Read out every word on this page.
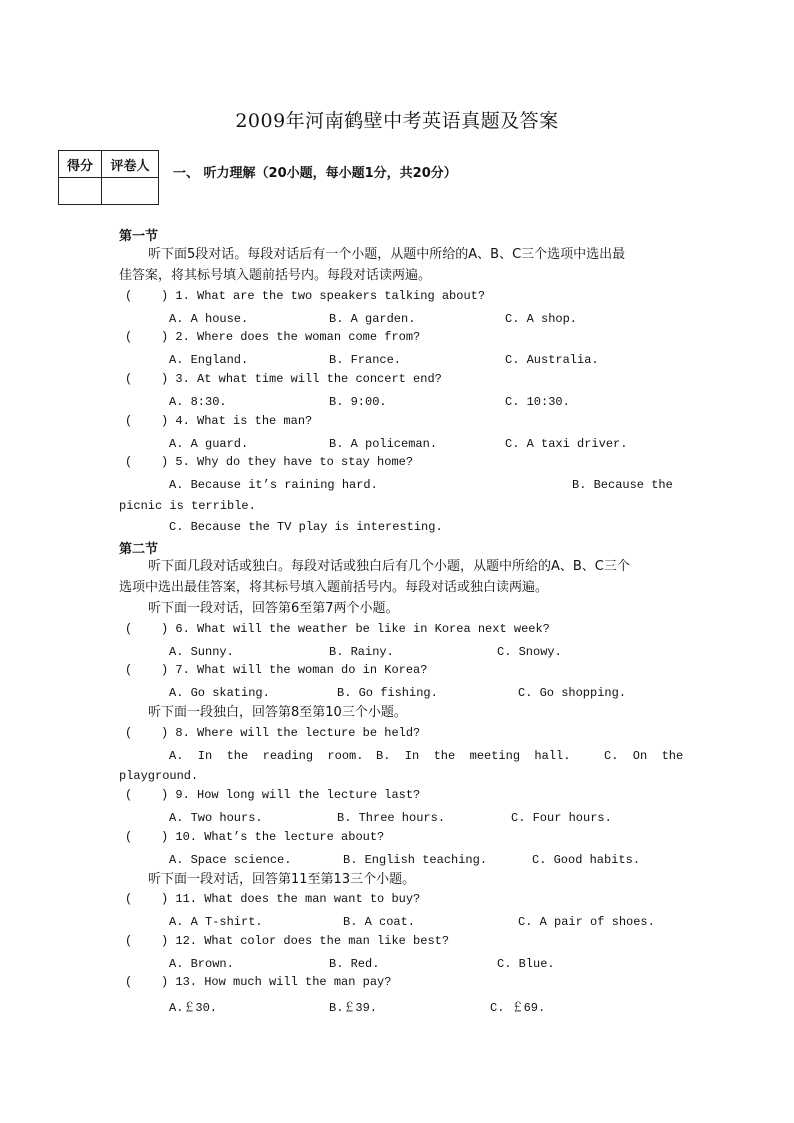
2009年河南鹤壁中考英语真题及答案
得分	评卷人
	一、 听力理解（20小题，每小题1分，共20分）
第一节
听下面5段对话。每段对话后有一个小题，从题中所给的A、B、C三个选项中选出最
佳答案，将其标号填入题前括号内。每段对话读两遍。
(    ) 1. What are the two speakers talking about?
A. A house.	B. A garden.	C. A shop.
(    ) 2. Where does the woman come from?
A. England.	B. France.	C. Australia.
(    ) 3. At what time will the concert end?
A. 8:30.	B. 9:00.	C. 10:30.
(    ) 4. What is the man?
A. A guard.	B. A policeman.	C. A taxi driver.
(    ) 5. Why do they have to stay home?
A. Because it’s raining hard.	B. Because the
picnic is terrible.
C. Because the TV play is interesting.
第二节
听下面几段对话或独白。每段对话或独白后有几个小题，从题中所给的A、B、C三个
选项中选出最佳答案，将其标号填入题前括号内。每段对话或独白读两遍。
听下面一段对话，回答第6至第7两个小题。
(    ) 6. What will the weather be like in Korea next week?
A. Sunny.	B. Rainy.	C. Snowy.
(    ) 7. What will the woman do in Korea?
A. Go skating.	B. Go fishing.	C. Go shopping.
听下面一段独白，回答第8至第10三个小题。
(    ) 8. Where will the lecture be held?
A.  In  the  reading  room. B.  In  the  meeting  hall.	C.  On  the
playground.
(    ) 9. How long will the lecture last?
A. Two hours.	B. Three hours.	C. Four hours.
(    ) 10. What’s the lecture about?
A. Space science.	B. English teaching.	C. Good habits.
听下面一段对话，回答第11至第13三个小题。
(    ) 11. What does the man want to buy?
A. A T-shirt.	B. A coat.	C. A pair of shoes.
(    ) 12. What color does the man like best?
A. Brown.	B. Red.	C. Blue.
(    ) 13. How much will the man pay?
A.￡30.	B.￡39.	C. ￡69.
